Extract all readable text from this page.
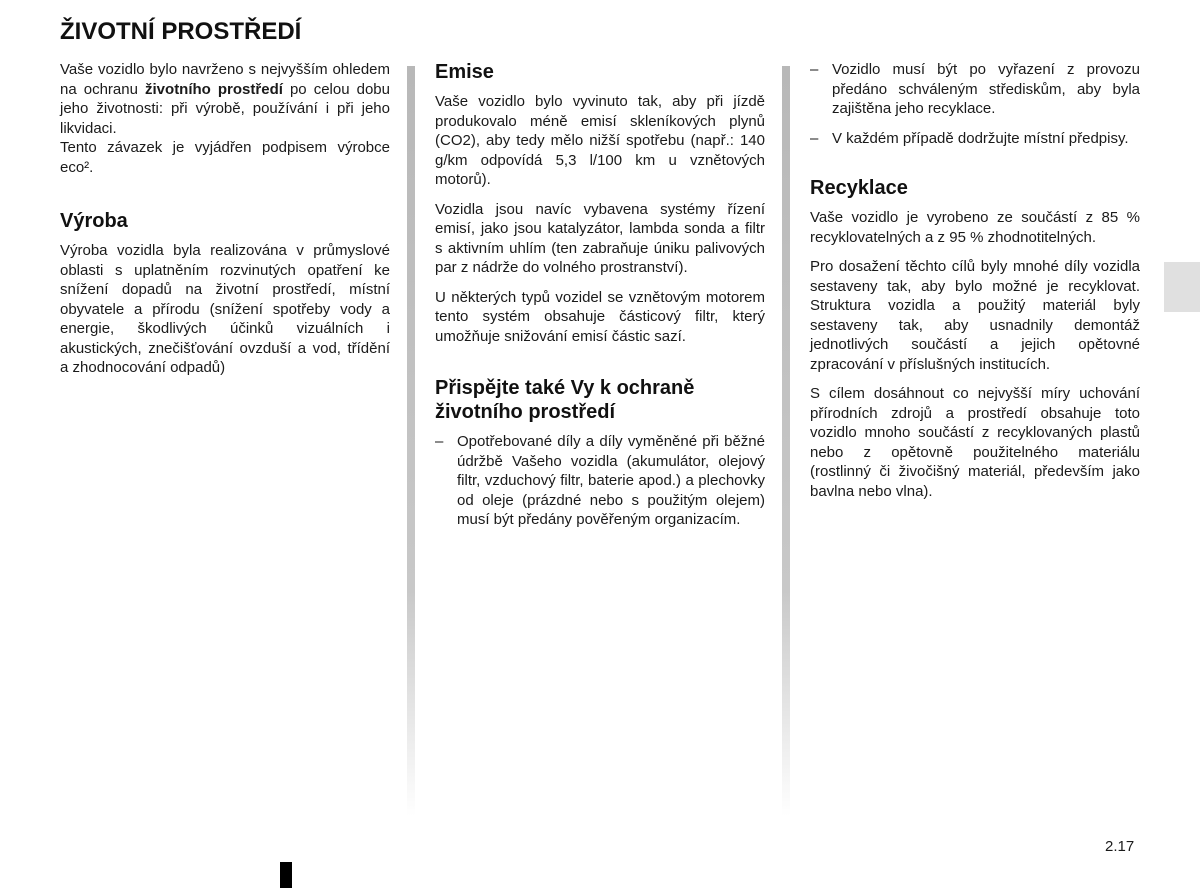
ŽIVOTNÍ PROSTŘEDÍ

Vaše vozidlo bylo navrženo s nejvyšším ohledem na ochranu životního prostředí po celou dobu jeho životnosti: při výrobě, používání i při jeho likvidaci.
Tento závazek je vyjádřen podpisem výrobce eco².

Výroba

Výroba vozidla byla realizována v průmyslové oblasti s uplatněním rozvinutých opatření ke snížení dopadů na životní prostředí, místní obyvatele a přírodu (snížení spotřeby vody a energie, škodlivých účinků vizuálních i akustických, znečišťování ovzduší a vod, třídění a zhodnocování odpadů)

Emise

Vaše vozidlo bylo vyvinuto tak, aby při jízdě produkovalo méně emisí skleníkových plynů (CO2), aby tedy mělo nižší spotřebu (např.: 140 g/km odpovídá 5,3 l/100 km u vznětových motorů).

Vozidla jsou navíc vybavena systémy řízení emisí, jako jsou katalyzátor, lambda sonda a filtr s aktivním uhlím (ten zabraňuje úniku palivových par z nádrže do volného prostranství).

U některých typů vozidel se vznětovým motorem tento systém obsahuje částicový filtr, který umožňuje snižování emisí částic sazí.

Přispějte také Vy k ochraně životního prostředí
– Opotřebované díly a díly vyměněné při běžné údržbě Vašeho vozidla (akumulátor, olejový filtr, vzduchový filtr, baterie apod.) a plechovky od oleje (prázdné nebo s použitým olejem) musí být předány pověřeným organizacím.
– Vozidlo musí být po vyřazení z provozu předáno schváleným střediskům, aby byla zajištěna jeho recyklace.
– V každém případě dodržujte místní předpisy.
Recyklace

Vaše vozidlo je vyrobeno ze součástí z 85 % recyklovatelných a z 95 % zhodnotitelných.

Pro dosažení těchto cílů byly mnohé díly vozidla sestaveny tak, aby bylo možné je recyklovat. Struktura vozidla a použitý materiál byly sestaveny tak, aby usnadnily demontáž jednotlivých součástí a jejich opětovné zpracování v příslušných institucích.

S cílem dosáhnout co nejvyšší míry uchování přírodních zdrojů a prostředí obsahuje toto vozidlo mnoho součástí z recyklovaných plastů nebo z opětovně použitelného materiálu (rostlinný či živočišný materiál, především jako bavlna nebo vlna).

2.17
